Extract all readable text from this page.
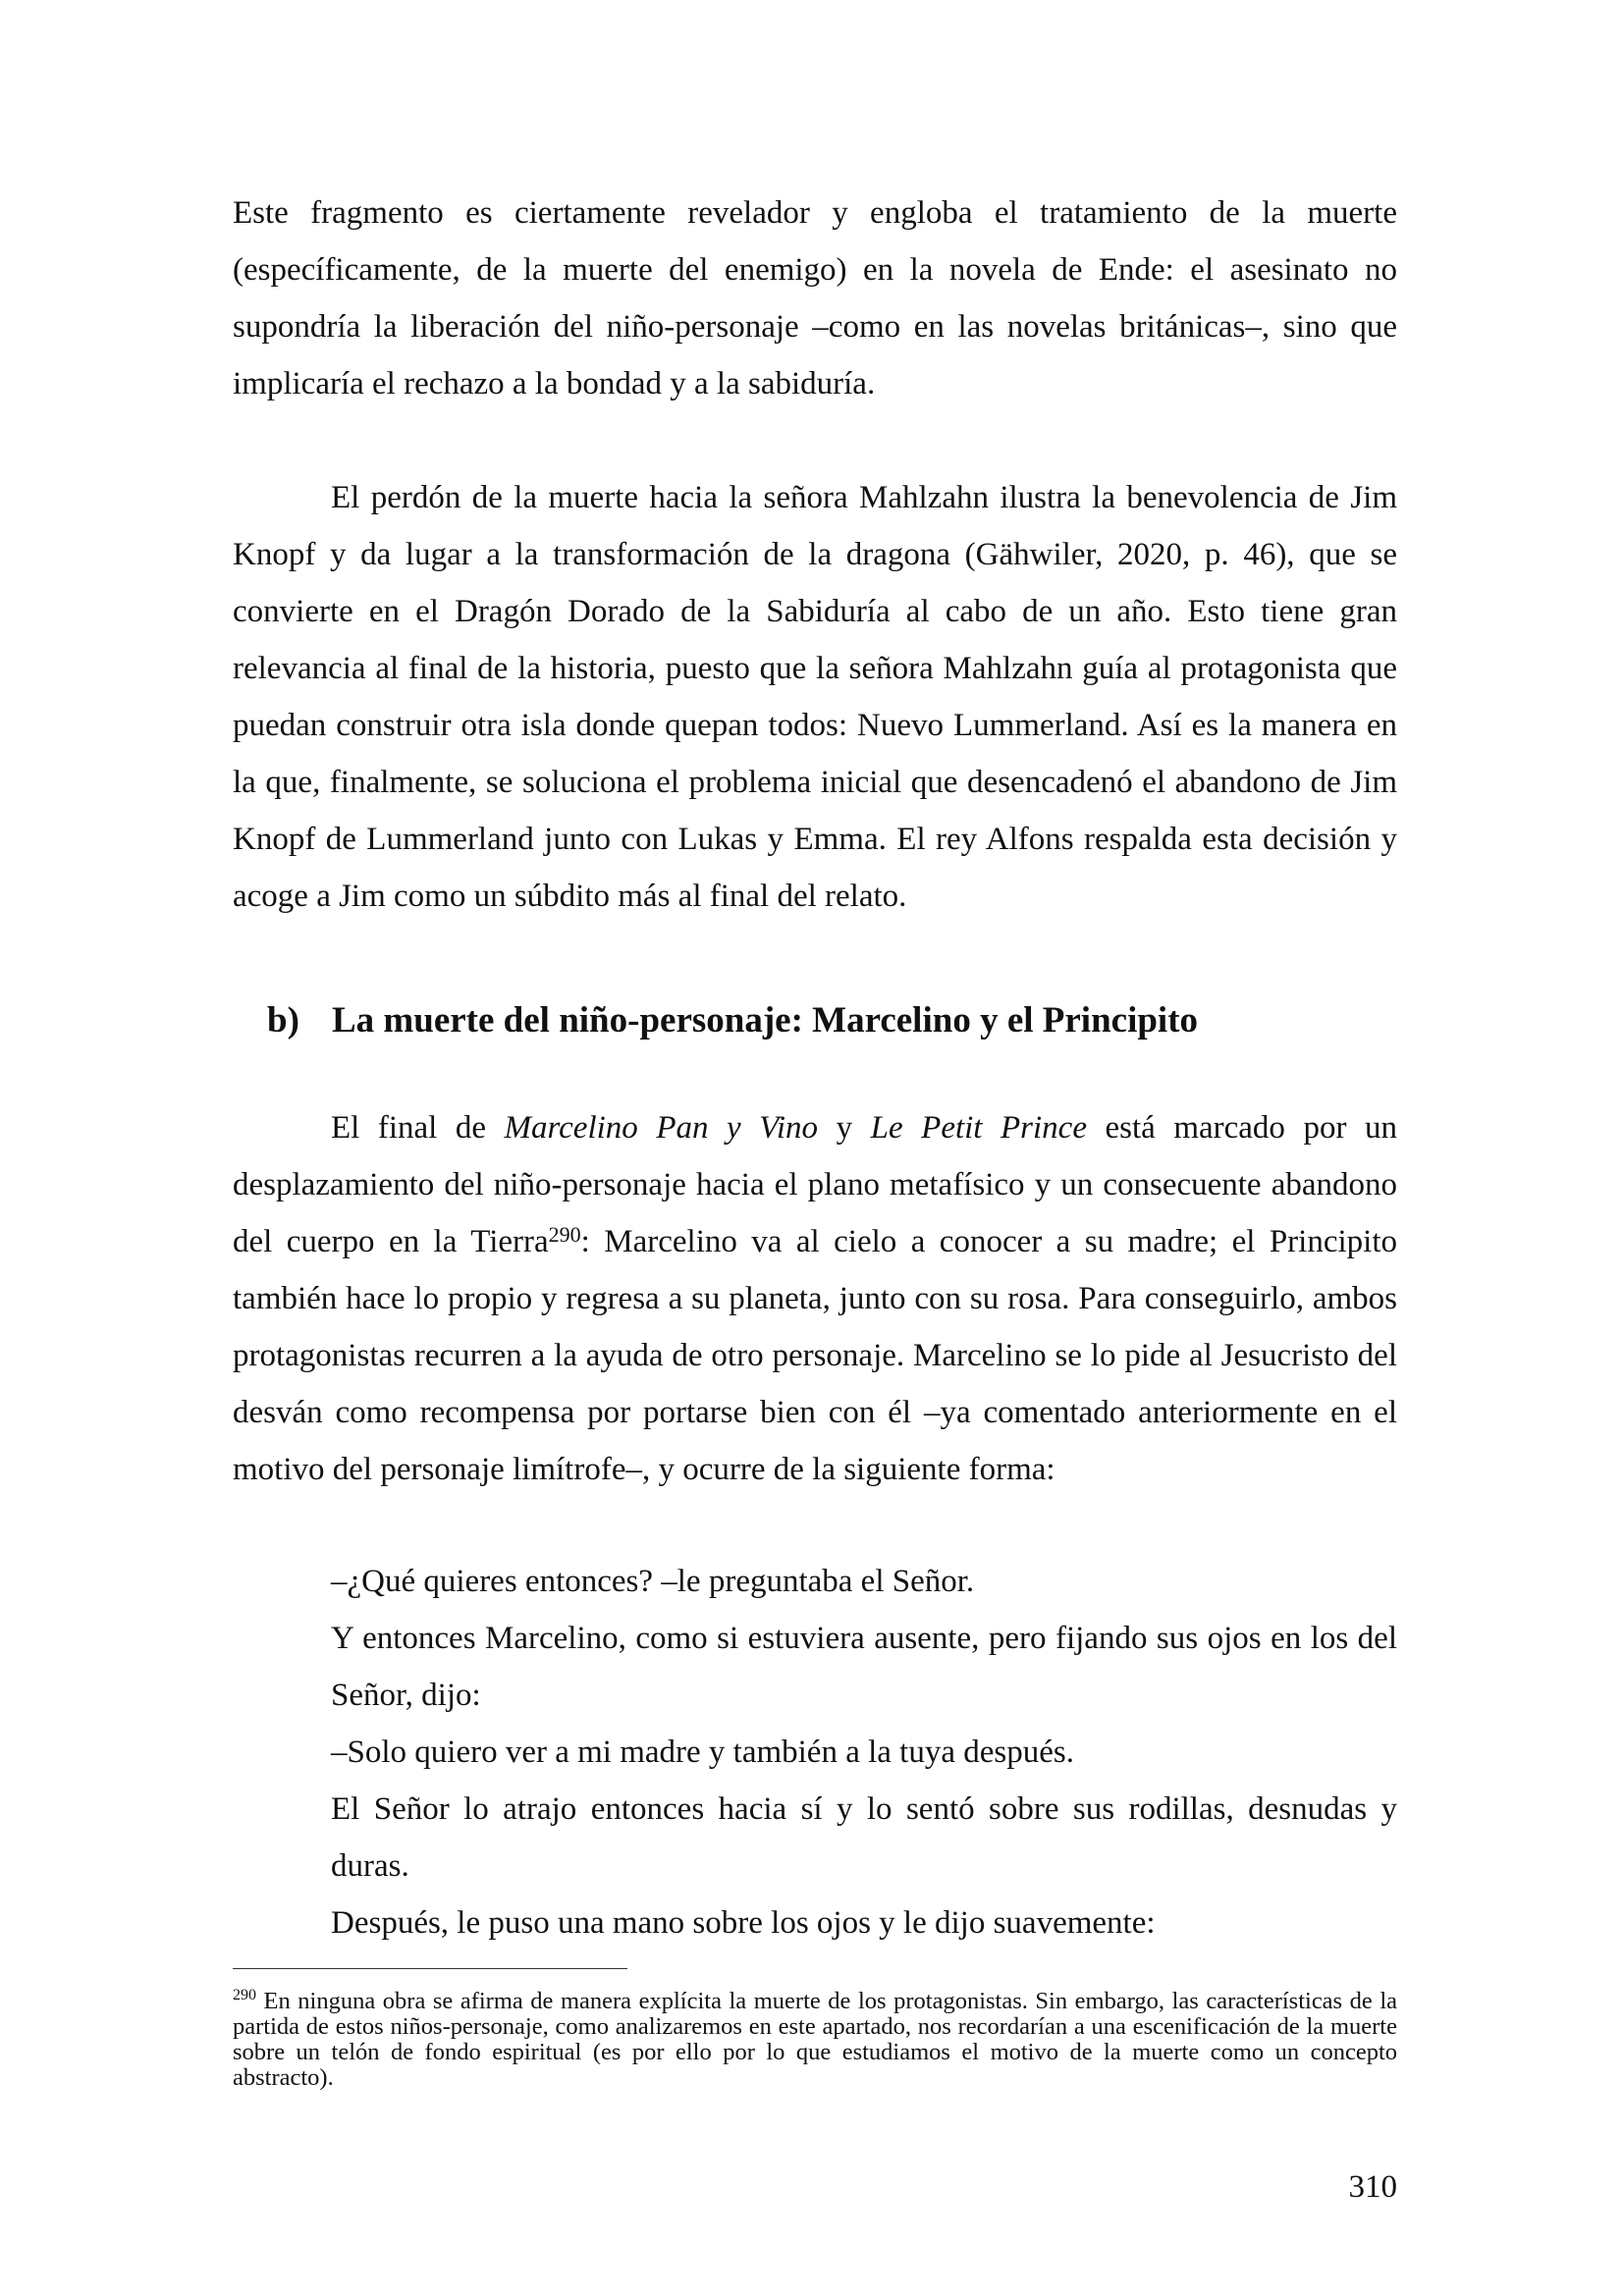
Este fragmento es ciertamente revelador y engloba el tratamiento de la muerte (específicamente, de la muerte del enemigo) en la novela de Ende: el asesinato no supondría la liberación del niño-personaje –como en las novelas británicas–, sino que implicaría el rechazo a la bondad y a la sabiduría.

El perdón de la muerte hacia la señora Mahlzahn ilustra la benevolencia de Jim Knopf y da lugar a la transformación de la dragona (Gähwiler, 2020, p. 46), que se convierte en el Dragón Dorado de la Sabiduría al cabo de un año. Esto tiene gran relevancia al final de la historia, puesto que la señora Mahlzahn guía al protagonista que puedan construir otra isla donde quepan todos: Nuevo Lummerland. Así es la manera en la que, finalmente, se soluciona el problema inicial que desencadenó el abandono de Jim Knopf de Lummerland junto con Lukas y Emma. El rey Alfons respalda esta decisión y acoge a Jim como un súbdito más al final del relato.

b) La muerte del niño-personaje: Marcelino y el Principito

El final de Marcelino Pan y Vino y Le Petit Prince está marcado por un desplazamiento del niño-personaje hacia el plano metafísico y un consecuente abandono del cuerpo en la Tierra$^{290}$: Marcelino va al cielo a conocer a su madre; el Principito también hace lo propio y regresa a su planeta, junto con su rosa. Para conseguirlo, ambos protagonistas recurren a la ayuda de otro personaje. Marcelino se lo pide al Jesucristo del desván como recompensa por portarse bien con él –ya comentado anteriormente en el motivo del personaje limítrofe–, y ocurre de la siguiente forma:

–¿Qué quieres entonces? –le preguntaba el Señor.

Y entonces Marcelino, como si estuviera ausente, pero fijando sus ojos en los del Señor, dijo:

–Solo quiero ver a mi madre y también a la tuya después.

El Señor lo atrajo entonces hacia sí y lo sentó sobre sus rodillas, desnudas y duras.

Después, le puso una mano sobre los ojos y le dijo suavemente:

$^{290}$ En ninguna obra se afirma de manera explícita la muerte de los protagonistas. Sin embargo, las características de la partida de estos niños-personaje, como analizaremos en este apartado, nos recordarían a una escenificación de la muerte sobre un telón de fondo espiritual (es por ello por lo que estudiamos el motivo de la muerte como un concepto abstracto).
310
